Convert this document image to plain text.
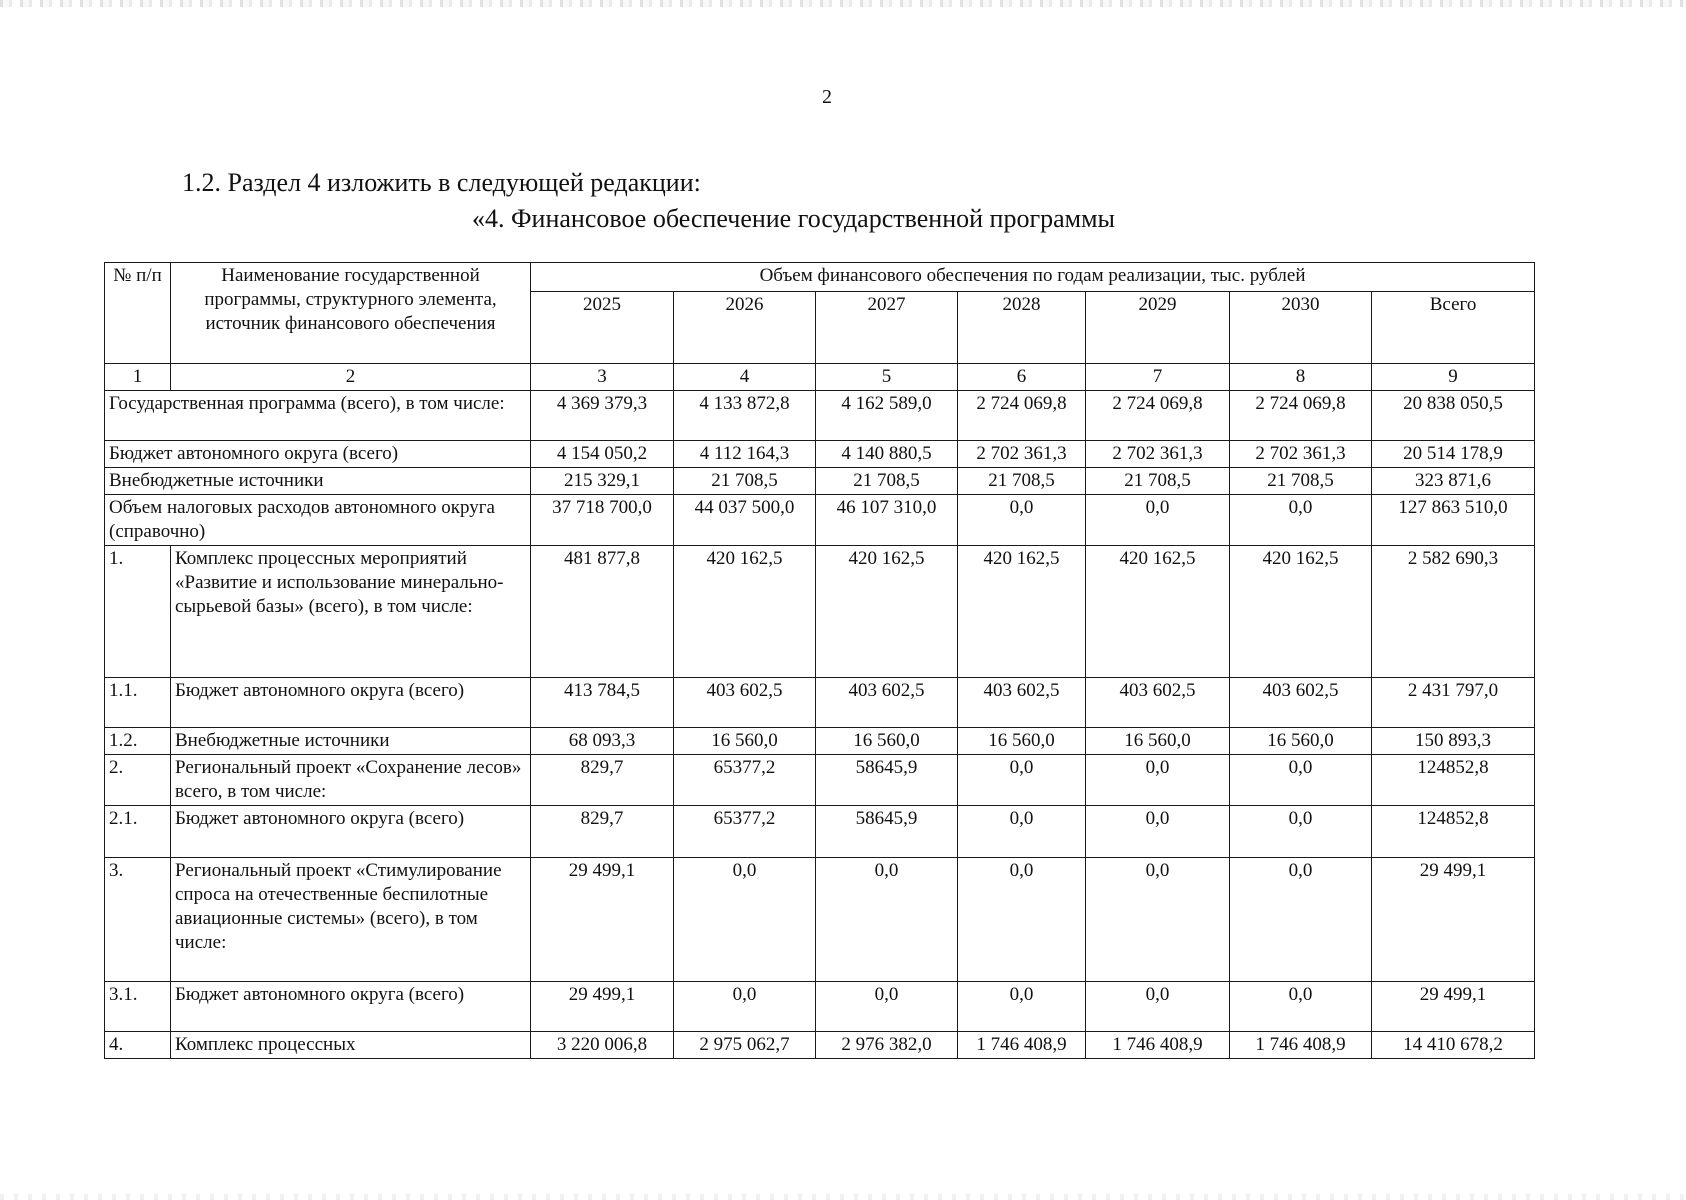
2
1.2. Раздел 4 изложить в следующей редакции:
«4. Финансовое обеспечение государственной программы
№ п/п	Наименование государственной программы, структурного элемента, источник финансового обеспечения	Объем финансового обеспечения по годам реализации, тыс. рублей						
		2025	2026	2027	2028	2029	2030	Всего
1	2	3	4	5	6	7	8	9
Государственная программа (всего), в том числе:		4 369 379,3	4 133 872,8	4 162 589,0	2 724 069,8	2 724 069,8	2 724 069,8	20 838 050,5
Бюджет автономного округа (всего)		4 154 050,2	4 112 164,3	4 140 880,5	2 702 361,3	2 702 361,3	2 702 361,3	20 514 178,9
Внебюджетные источники		215 329,1	21 708,5	21 708,5	21 708,5	21 708,5	21 708,5	323 871,6
Объем налоговых расходов автономного округа (справочно)		37 718 700,0	44 037 500,0	46 107 310,0	0,0	0,0	0,0	127 863 510,0
1.	Комплекс процессных мероприятий «Развитие и использование минерально-сырьевой базы» (всего), в том числе:	481 877,8	420 162,5	420 162,5	420 162,5	420 162,5	420 162,5	2 582 690,3
1.1.	Бюджет автономного округа (всего)	413 784,5	403 602,5	403 602,5	403 602,5	403 602,5	403 602,5	2 431 797,0
1.2.	Внебюджетные источники	68 093,3	16 560,0	16 560,0	16 560,0	16 560,0	16 560,0	150 893,3
2.	Региональный проект «Сохранение лесов» всего, в том числе:	829,7	65377,2	58645,9	0,0	0,0	0,0	124852,8
2.1.	Бюджет автономного округа (всего)	829,7	65377,2	58645,9	0,0	0,0	0,0	124852,8
3.	Региональный проект «Стимулирование спроса на отечественные беспилотные авиационные системы» (всего), в том числе:	29 499,1	0,0	0,0	0,0	0,0	0,0	29 499,1
3.1.	Бюджет автономного округа (всего)	29 499,1	0,0	0,0	0,0	0,0	0,0	29 499,1
4.	Комплекс процессных	3 220 006,8	2 975 062,7	2 976 382,0	1 746 408,9	1 746 408,9	1 746 408,9	14 410 678,2
